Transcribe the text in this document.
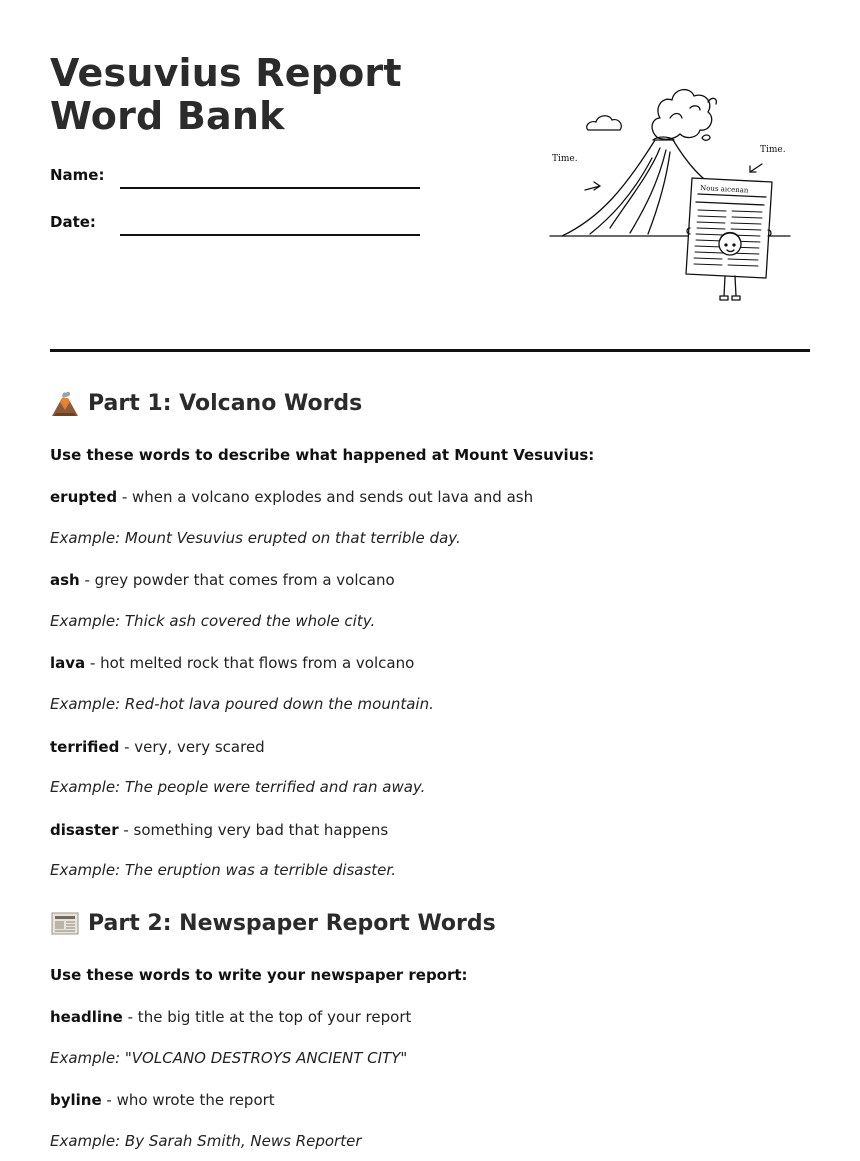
Vesuvius Report Word Bank
Name:
Date:
Time.
Time.
Nous aıcenan
Part 1: Volcano Words
Use these words to describe what happened at Mount Vesuvius:
erupted - when a volcano explodes and sends out lava and ash
Example: Mount Vesuvius erupted on that terrible day.
ash - grey powder that comes from a volcano
Example: Thick ash covered the whole city.
lava - hot melted rock that flows from a volcano
Example: Red-hot lava poured down the mountain.
terrified - very, very scared
Example: The people were terrified and ran away.
disaster - something very bad that happens
Example: The eruption was a terrible disaster.
Part 2: Newspaper Report Words
Use these words to write your newspaper report:
headline - the big title at the top of your report
Example: "VOLCANO DESTROYS ANCIENT CITY"
byline - who wrote the report
Example: By Sarah Smith, News Reporter
